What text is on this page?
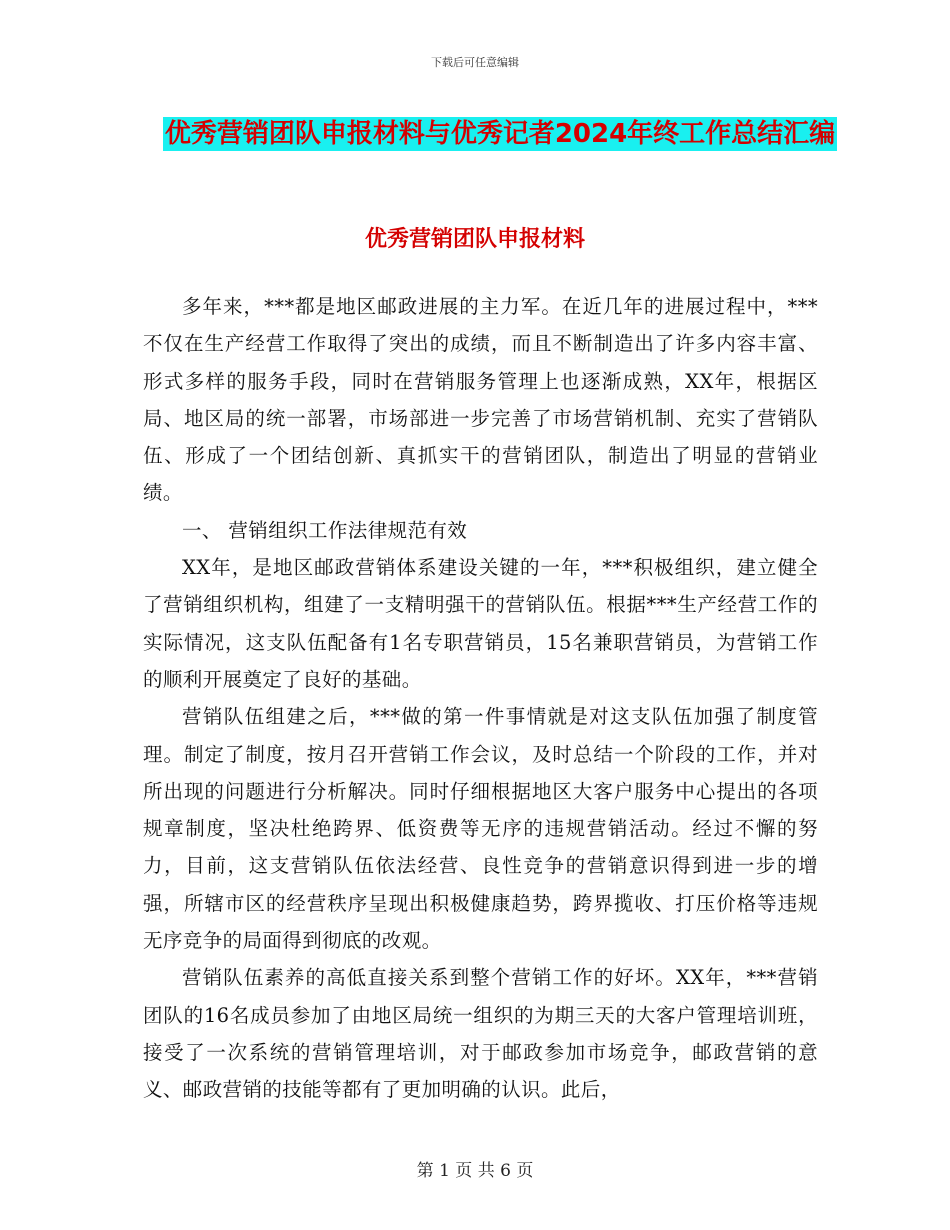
下载后可任意编辑
优秀营销团队申报材料与优秀记者2024年终工作总结汇编
优秀营销团队申报材料

多年来，***都是地区邮政进展的主力军。在近几年的进展过程中，***不仅在生产经营工作取得了突出的成绩，而且不断制造出了许多内容丰富、形式多样的服务手段，同时在营销服务管理上也逐渐成熟，XX年，根据区局、地区局的统一部署，市场部进一步完善了市场营销机制、充实了营销队伍、形成了一个团结创新、真抓实干的营销团队，制造出了明显的营销业绩。

一、 营销组织工作法律规范有效

XX年，是地区邮政营销体系建设关键的一年，***积极组织，建立健全了营销组织机构，组建了一支精明强干的营销队伍。根据***生产经营工作的实际情况，这支队伍配备有1名专职营销员，15名兼职营销员，为营销工作的顺利开展奠定了良好的基础。

营销队伍组建之后，***做的第一件事情就是对这支队伍加强了制度管理。制定了制度，按月召开营销工作会议，及时总结一个阶段的工作，并对所出现的问题进行分析解决。同时仔细根据地区大客户服务中心提出的各项规章制度，坚决杜绝跨界、低资费等无序的违规营销活动。经过不懈的努力，目前，这支营销队伍依法经营、良性竞争的营销意识得到进一步的增强，所辖市区的经营秩序呈现出积极健康趋势，跨界揽收、打压价格等违规无序竞争的局面得到彻底的改观。

营销队伍素养的高低直接关系到整个营销工作的好坏。XX年，***营销团队的16名成员参加了由地区局统一组织的为期三天的大客户管理培训班，接受了一次系统的营销管理培训，对于邮政参加市场竞争，邮政营销的意义、邮政营销的技能等都有了更加明确的认识。此后，

第 1 页 共 6 页
